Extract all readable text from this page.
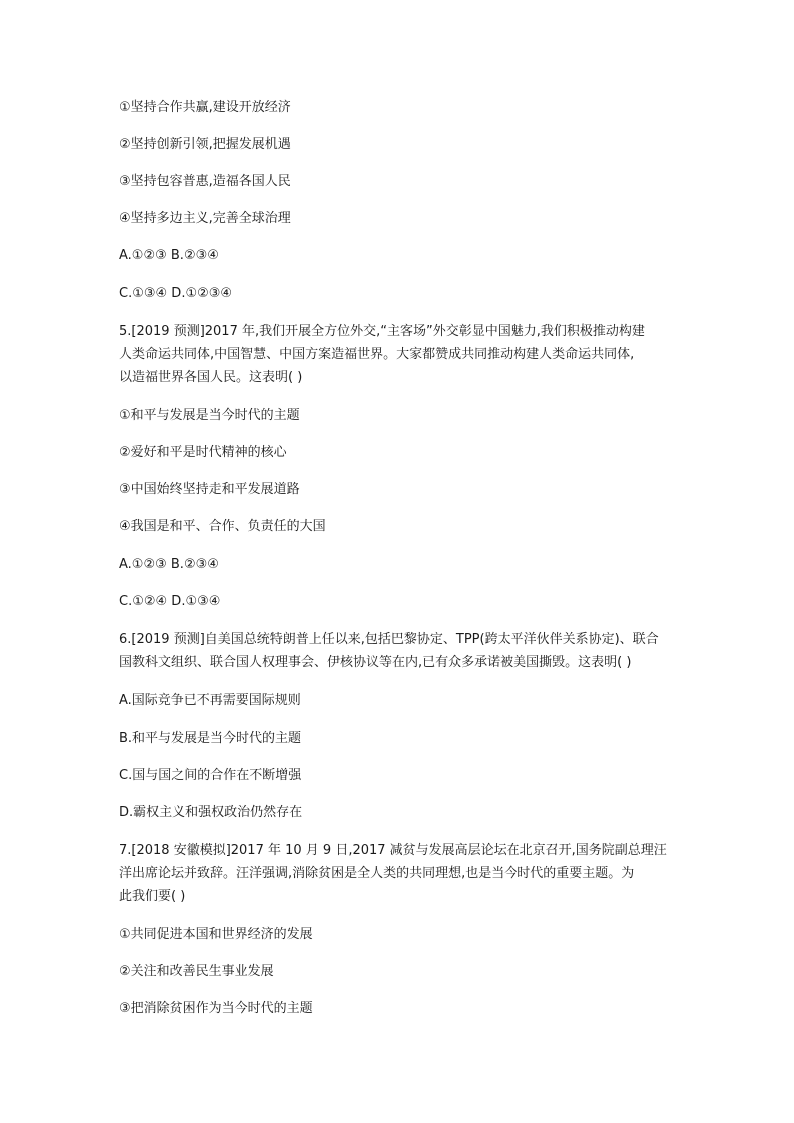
①坚持合作共赢,建设开放经济
②坚持创新引领,把握发展机遇
③坚持包容普惠,造福各国人民
④坚持多边主义,完善全球治理
A.①②③ B.②③④
C.①③④ D.①②③④
5.[2019 预测]2017 年,我们开展全方位外交,“主客场”外交彰显中国魅力,我们积极推动构建
人类命运共同体,中国智慧、中国方案造福世界。大家都赞成共同推动构建人类命运共同体,
以造福世界各国人民。这表明( )
①和平与发展是当今时代的主题
②爱好和平是时代精神的核心
③中国始终坚持走和平发展道路
④我国是和平、合作、负责任的大国
A.①②③ B.②③④
C.①②④ D.①③④
6.[2019 预测]自美国总统特朗普上任以来,包括巴黎协定、TPP(跨太平洋伙伴关系协定)、联合
国教科文组织、联合国人权理事会、伊核协议等在内,已有众多承诺被美国撕毁。这表明( )
A.国际竞争已不再需要国际规则
B.和平与发展是当今时代的主题
C.国与国之间的合作在不断增强
D.霸权主义和强权政治仍然存在
7.[2018 安徽模拟]2017 年 10 月 9 日,2017 减贫与发展高层论坛在北京召开,国务院副总理汪
洋出席论坛并致辞。汪洋强调,消除贫困是全人类的共同理想,也是当今时代的重要主题。为
此我们要( )
①共同促进本国和世界经济的发展
②关注和改善民生事业发展
③把消除贫困作为当今时代的主题
